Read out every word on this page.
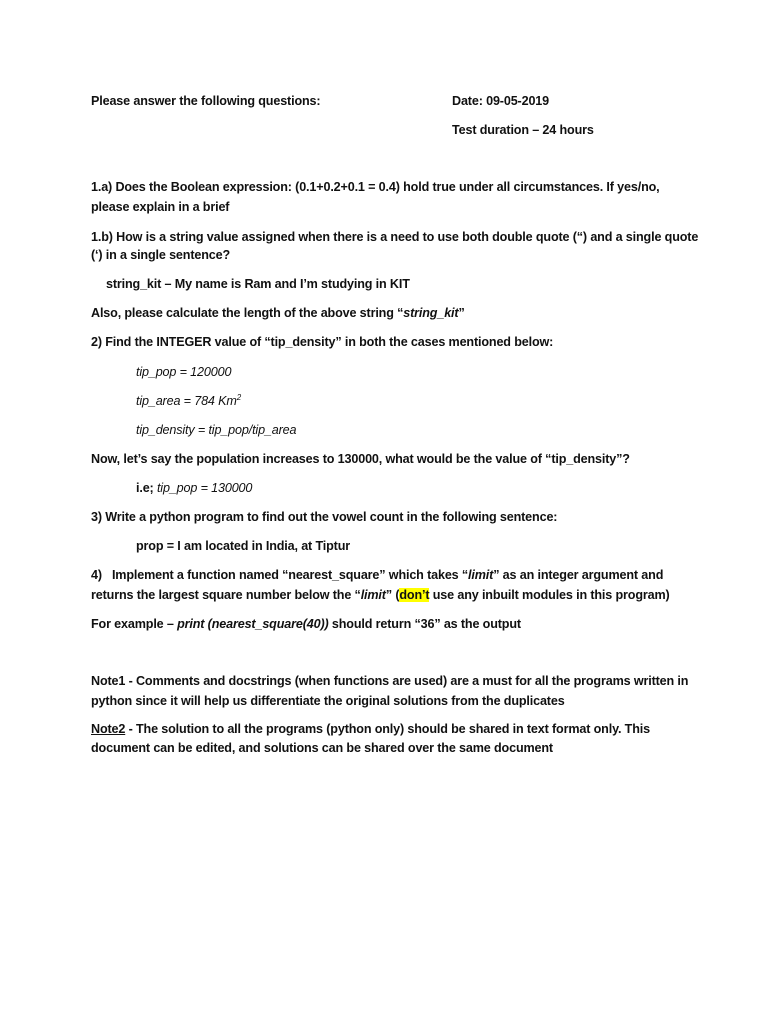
Please answer the following questions:	Date: 09-05-2019
Test duration – 24 hours
1.a) Does the Boolean expression: (0.1+0.2+0.1 = 0.4) hold true under all circumstances. If yes/no,
please explain in a brief
1.b) How is a string value assigned when there is a need to use both double quote (“) and a single quote
(‘) in a single sentence?
string_kit – My name is Ram and I’m studying in KIT
Also, please calculate the length of the above string “string_kit”
2) Find the INTEGER value of “tip_density” in both the cases mentioned below:
tip_pop = 120000
tip_area = 784 Km$^2$
tip_density = tip_pop/tip_area
Now, let’s say the population increases to 130000, what would be the value of “tip_density”?
i.e; tip_pop = 130000
3) Write a python program to find out the vowel count in the following sentence:
prop = I am located in India, at Tiptur
4)   Implement a function named “nearest_square” which takes “limit” as an integer argument and
returns the largest square number below the “limit” (don’t use any inbuilt modules in this program)
For example – print (nearest_square(40)) should return “36” as the output
Note1 - Comments and docstrings (when functions are used) are a must for all the programs written in
python since it will help us differentiate the original solutions from the duplicates
Note2 - The solution to all the programs (python only) should be shared in text format only. This
document can be edited, and solutions can be shared over the same document
